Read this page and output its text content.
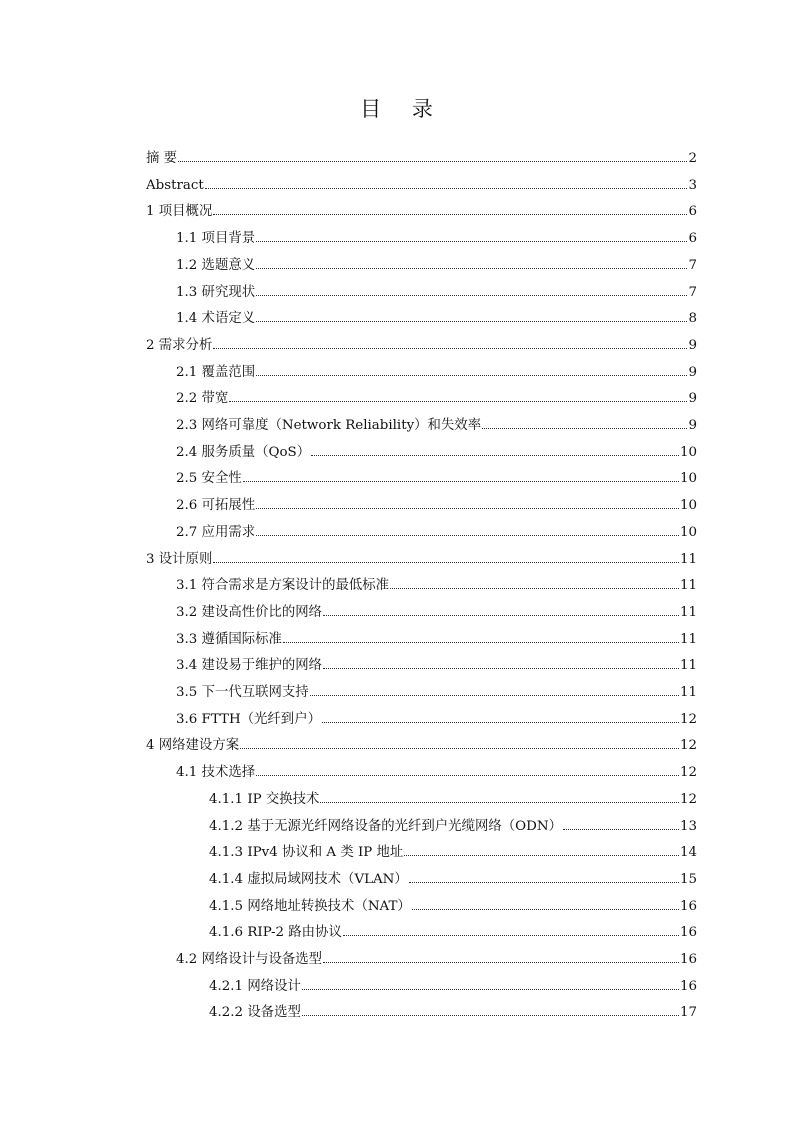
目 录
摘 要	2
Abstract	3
1 项目概况	6
1.1 项目背景	6
1.2 选题意义	7
1.3 研究现状	7
1.4 术语定义	8
2 需求分析	9
2.1 覆盖范围	9
2.2 带宽	9
2.3 网络可靠度（Network Reliability）和失效率	9
2.4 服务质量（QoS）	10
2.5 安全性	10
2.6 可拓展性	10
2.7 应用需求	10
3 设计原则	11
3.1 符合需求是方案设计的最低标准	11
3.2 建设高性价比的网络	11
3.3 遵循国际标准	11
3.4 建设易于维护的网络	11
3.5 下一代互联网支持	11
3.6 FTTH（光纤到户）	12
4 网络建设方案	12
4.1 技术选择	12
4.1.1 IP 交换技术	12
4.1.2 基于无源光纤网络设备的光纤到户光缆网络（ODN）	13
4.1.3 IPv4 协议和 A 类 IP 地址	14
4.1.4 虚拟局域网技术（VLAN）	15
4.1.5 网络地址转换技术（NAT）	16
4.1.6 RIP-2 路由协议	16
4.2 网络设计与设备选型	16
4.2.1 网络设计	16
4.2.2 设备选型	17
